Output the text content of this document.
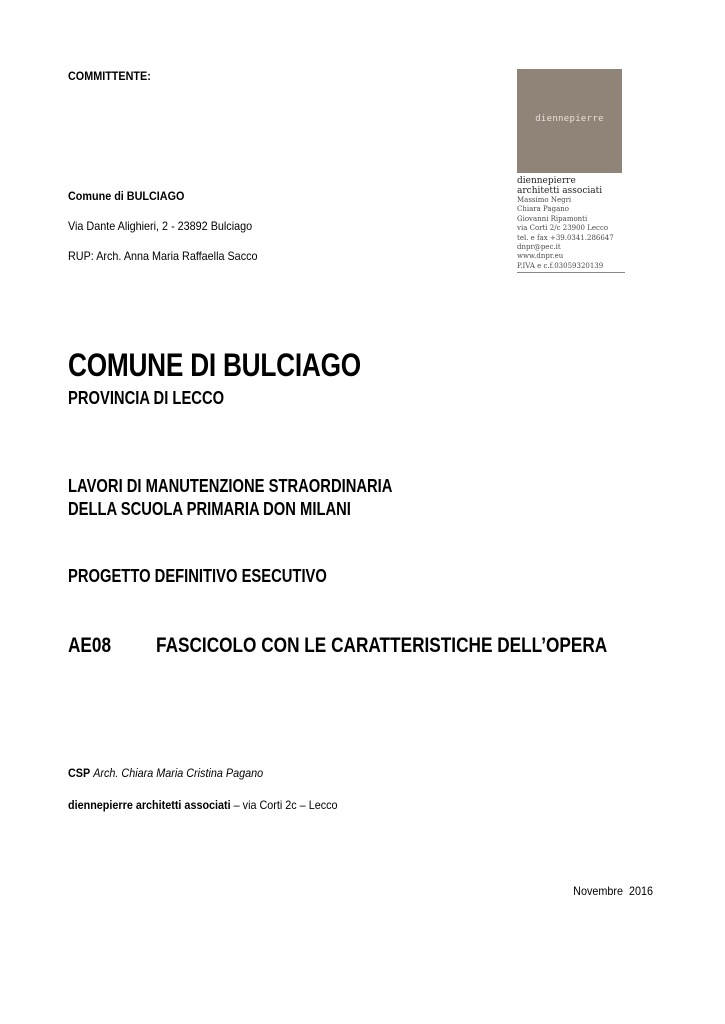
COMMITTENTE:
Comune di BULCIAGO
Via Dante Alighieri, 2 - 23892 Bulciago
RUP: Arch. Anna Maria Raffaella Sacco
diennepierre
diennepierre
architetti associati
Massimo Negri
Chiara Pagano
Giovanni Ripamonti
via Corti 2/c 23900 Lecco
tel. e fax +39.0341.286647
dnpr@pec.it
www.dnpr.eu
P.IVA e c.f.03059320139
COMUNE DI BULCIAGO
PROVINCIA DI LECCO
LAVORI DI MANUTENZIONE STRAORDINARIA
DELLA SCUOLA PRIMARIA DON MILANI
PROGETTO DEFINITIVO ESECUTIVO
AE08 FASCICOLO CON LE CARATTERISTICHE DELL’OPERA
CSP Arch. Chiara Maria Cristina Pagano
diennepierre architetti associati – via Corti 2c – Lecco
Novembre  2016
